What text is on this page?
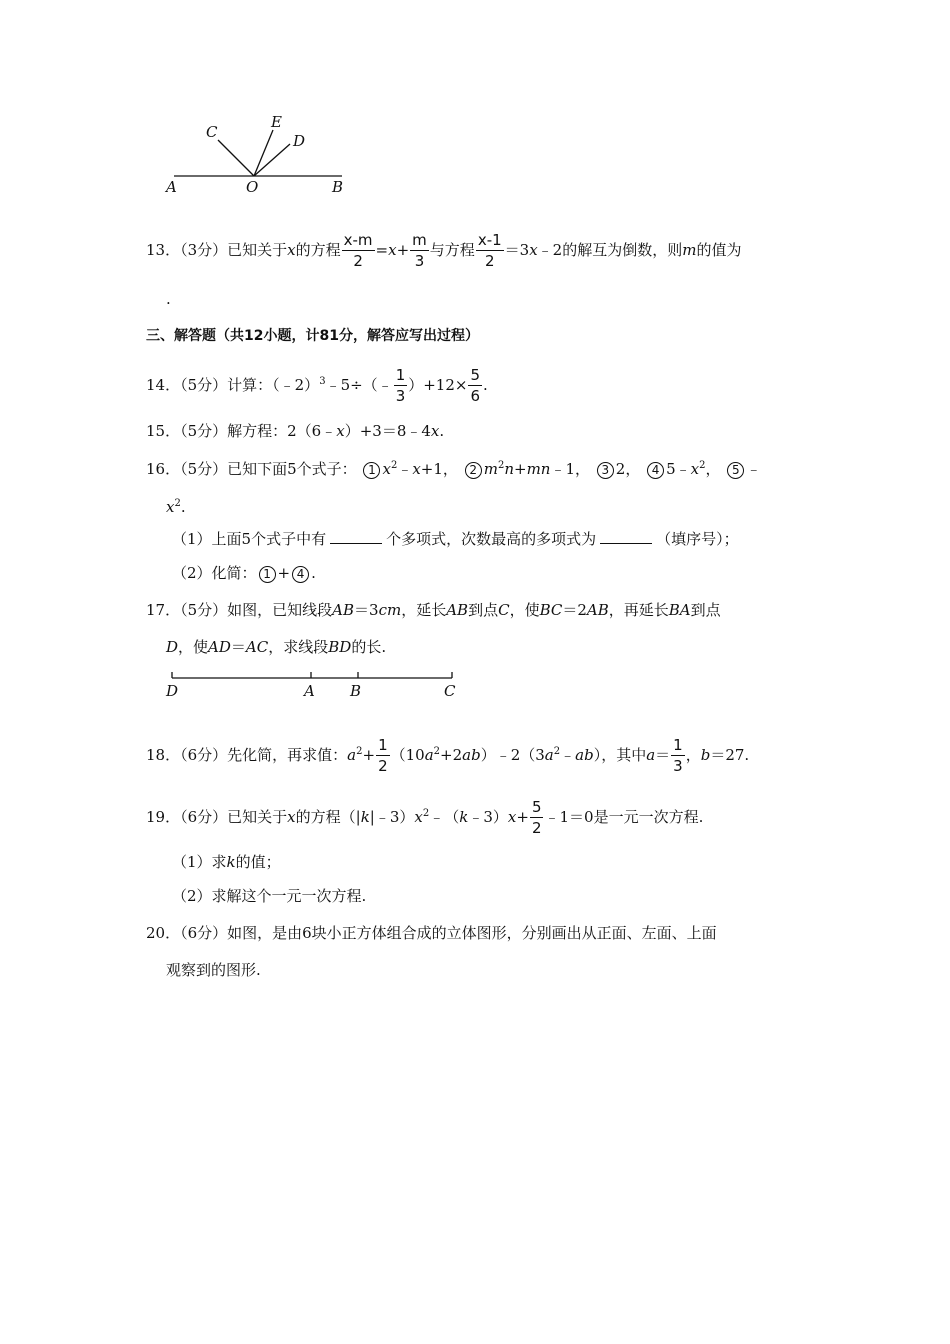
A	O	B
C
E
D
13．（3分）已知关于x的方程 $\frac{x-m}{2} =x+ \frac{m}{3}$ 与方程 $\frac{x-1}{2}$ ＝3x﹣2的解互为倒数，则m的值为
.
三、解答题（共12小题，计81分，解答应写出过程）
14．（5分）计算：（﹣2）$^3$﹣5÷（﹣ $\frac{1}{3} )+12\times \frac{5}{6}$ .
15．（5分）解方程：2（6﹣x）+3＝8﹣4x.
16．（5分）已知下面5个式子： 1 $x^2﹣x+1$， 2 $m^2n+mn﹣1$， 3 2， 4 $5﹣x^2$， 5 ﹣
$x^2$.
（1）上面5个式子中有	个多项式，次数最高的多项式为	（填序号）；
（2）化简： 1 + 4 .
17．（5分）如图，已知线段AB＝3cm，延长AB到点C，使BC＝2AB，再延长BA到点
D，使AD＝AC，求线段BD的长.
D	A B	C
18．（6分）先化简，再求值：$a^2+ \frac{1}{2}$ $(10a^2+2ab)﹣2(3a^2﹣ab)$，其中$a= \frac{1}{3}$ ，b＝27.
19．（6分）已知关于x的方程$(|k|﹣3)x^2﹣(k﹣3)x+ \frac{5}{2}$ ﹣1＝0是一元一次方程.
（1）求k的值；
（2）求解这个一元一次方程.
20．（6分）如图，是由6块小正方体组合成的立体图形，分别画出从正面、左面、上面
观察到的图形.
